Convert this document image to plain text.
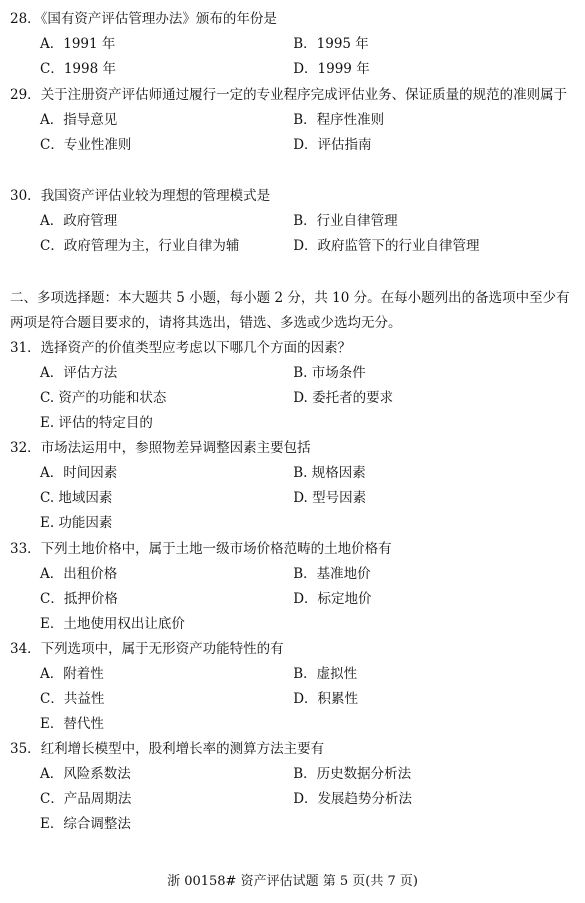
28．《国有资产评估管理办法》颁布的年份是
A．1991 年	B．1995 年
C．1998 年	D．1999 年
29．关于注册资产评估师通过履行一定的专业程序完成评估业务、保证质量的规范的准则属于
A．指导意见	B．程序性准则
C．专业性准则	D．评估指南
30．我国资产评估业较为理想的管理模式是
A．政府管理	B．行业自律管理
C．政府管理为主，行业自律为辅	D．政府监管下的行业自律管理
二、多项选择题：本大题共 5 小题，每小题 2 分，共 10 分。在每小题列出的备选项中至少有两项是符合题目要求的，请将其选出，错选、多选或少选均无分。
31．选择资产的价值类型应考虑以下哪几个方面的因素？
A．评估方法	B. 市场条件
C. 资产的功能和状态	D. 委托者的要求
E. 评估的特定目的
32．市场法运用中，参照物差异调整因素主要包括
A．时间因素	B. 规格因素
C. 地域因素	D. 型号因素
E. 功能因素
33．下列土地价格中，属于土地一级市场价格范畴的土地价格有
A．出租价格	B．基准地价
C．抵押价格	D．标定地价
E．土地使用权出让底价
34．下列选项中，属于无形资产功能特性的有
A．附着性	B．虚拟性
C．共益性	D．积累性
E．替代性
35．红利增长模型中，股利增长率的测算方法主要有
A．风险系数法	B．历史数据分析法
C．产品周期法	D．发展趋势分析法
E．综合调整法
浙 00158# 资产评估试题 第 5 页(共 7 页)
